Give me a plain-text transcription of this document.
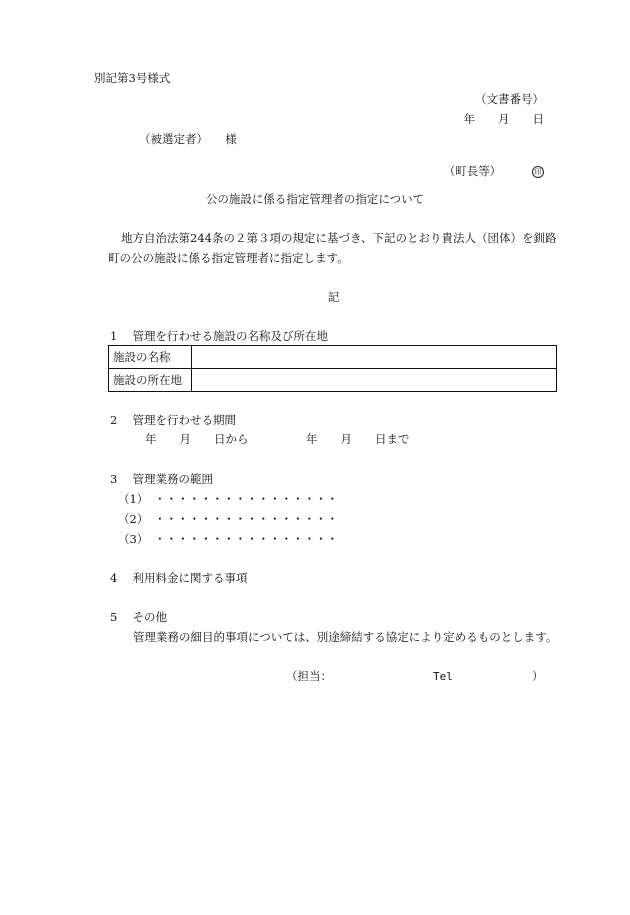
別記第3号様式
（文書番号）
年　　月　　日
（被選定者）　　様

（町長等）　　　	印

公の施設に係る指定管理者の指定について
地方自治法第244条の２第３項の規定に基づき、下記のとおり貴法人（団体）を釧路
町の公の施設に係る指定管理者に指定します。
記
1　 管理を行わせる施設の名称及び所在地
施設の名称	
施設の所在地	
2　 管理を行わせる期間
年　　月　　日から　　　　　年　　月　　日まで
3　 管理業務の範囲
（1）　・・・・・・・・・・・・・・・・
（2）　・・・・・・・・・・・・・・・・
（3）　・・・・・・・・・・・・・・・・
4　 利用料金に関する事項
5　 その他
管理業務の細目的事項については、別途締結する協定により定めるものとします。
（担当：	Tel	）
